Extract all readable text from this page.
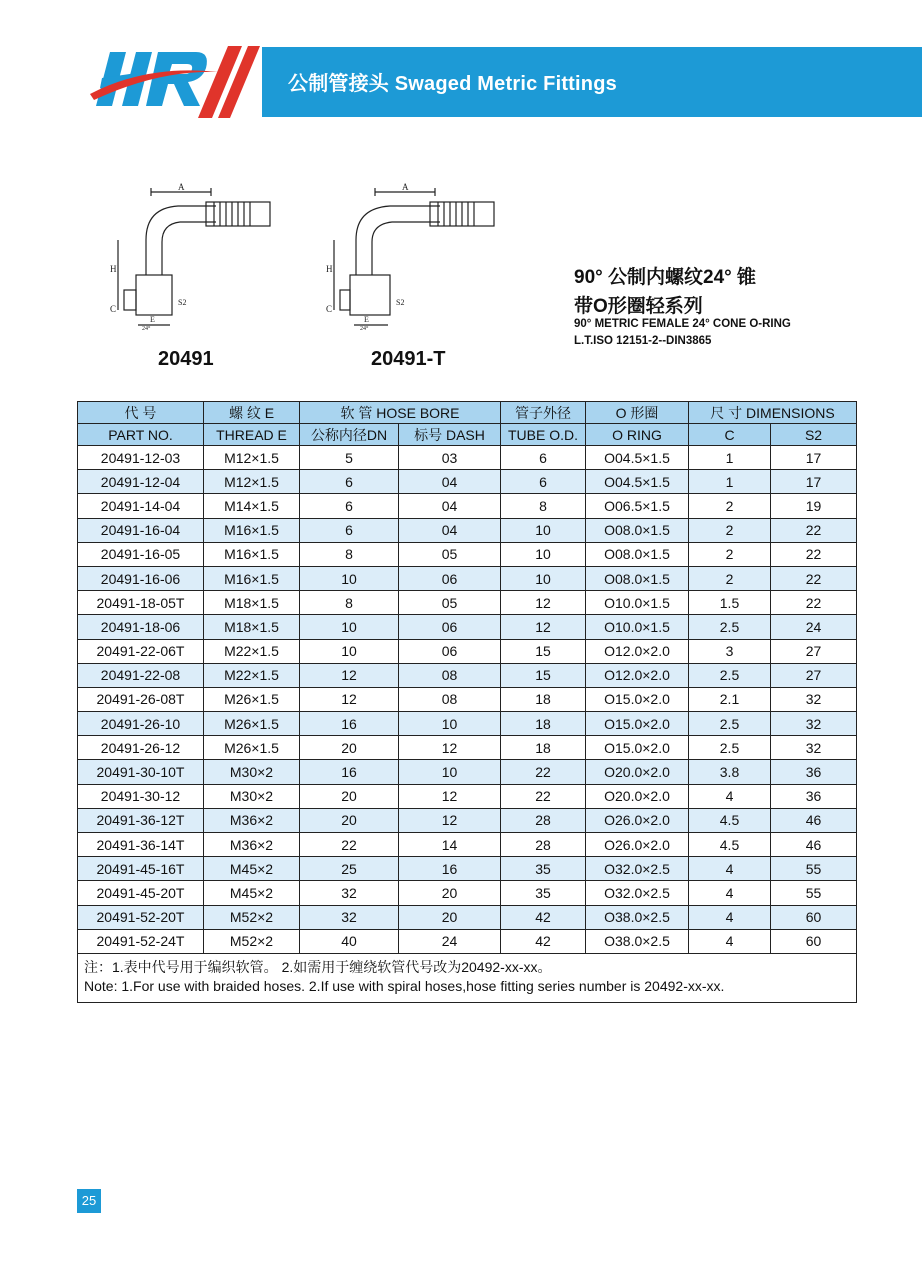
公制管接头 Swaged Metric Fittings
A
H
C
E
S2
24°
A
H
C
E
S2
24°
20491	20491-T
90° 公制内螺纹24° 锥
带O形圈轻系列
90° METRIC FEMALE 24° CONE O-RING
L.T.ISO 12151-2--DIN3865
代 号	螺 纹 E	软 管 HOSE BORE		管子外径	O 形圈	尺 寸 DIMENSIONS	
PART NO.	THREAD E	公称内径DN	标号 DASH	TUBE O.D.	O RING	C	S2
20491-12-03	M12×1.5	5	03	6	O04.5×1.5	1	17
20491-12-04	M12×1.5	6	04	6	O04.5×1.5	1	17
20491-14-04	M14×1.5	6	04	8	O06.5×1.5	2	19
20491-16-04	M16×1.5	6	04	10	O08.0×1.5	2	22
20491-16-05	M16×1.5	8	05	10	O08.0×1.5	2	22
20491-16-06	M16×1.5	10	06	10	O08.0×1.5	2	22
20491-18-05T	M18×1.5	8	05	12	O10.0×1.5	1.5	22
20491-18-06	M18×1.5	10	06	12	O10.0×1.5	2.5	24
20491-22-06T	M22×1.5	10	06	15	O12.0×2.0	3	27
20491-22-08	M22×1.5	12	08	15	O12.0×2.0	2.5	27
20491-26-08T	M26×1.5	12	08	18	O15.0×2.0	2.1	32
20491-26-10	M26×1.5	16	10	18	O15.0×2.0	2.5	32
20491-26-12	M26×1.5	20	12	18	O15.0×2.0	2.5	32
20491-30-10T	M30×2	16	10	22	O20.0×2.0	3.8	36
20491-30-12	M30×2	20	12	22	O20.0×2.0	4	36
20491-36-12T	M36×2	20	12	28	O26.0×2.0	4.5	46
20491-36-14T	M36×2	22	14	28	O26.0×2.0	4.5	46
20491-45-16T	M45×2	25	16	35	O32.0×2.5	4	55
20491-45-20T	M45×2	32	20	35	O32.0×2.5	4	55
20491-52-20T	M52×2	32	20	42	O38.0×2.5	4	60
20491-52-24T	M52×2	40	24	42	O38.0×2.5	4	60

注：1.表中代号用于编织软管。 2.如需用于缠绕软管代号改为20492-xx-xx。
Note: 1.For use with braided hoses. 2.If use with spiral hoses,hose fitting series number is 20492-xx-xx.							
25
